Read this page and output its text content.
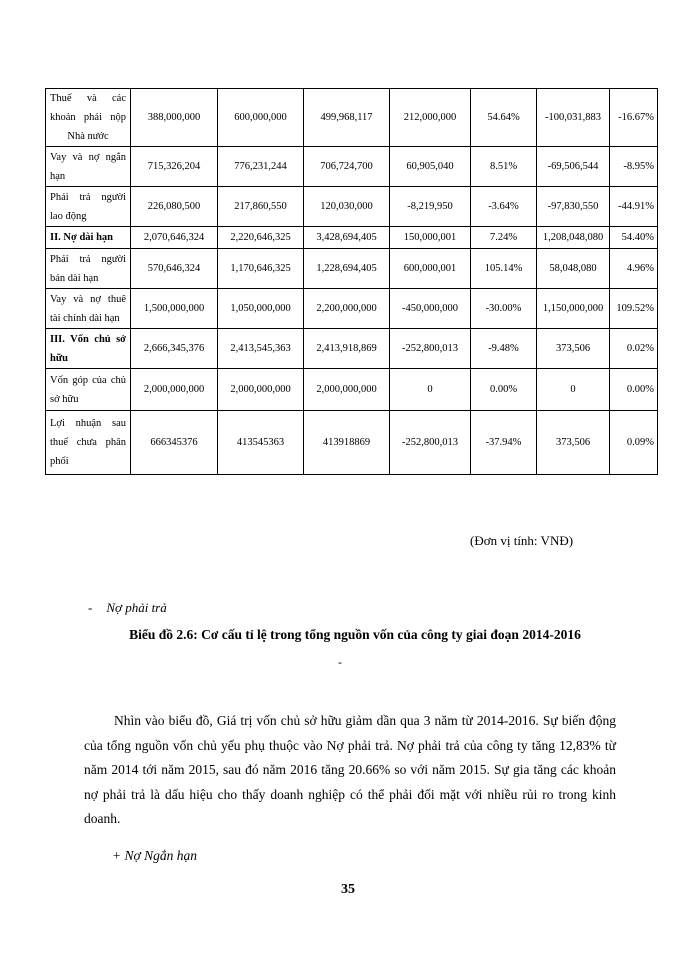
Thuế và các
khoản phải nộp
Nhà nước	388,000,000	600,000,000	499,968,117	212,000,000	54.64%	-100,031,883	-16.67%

Vay và nợ ngắn
hạn	715,326,204	776,231,244	706,724,700	60,905,040	8.51%	-69,506,544	-8.95%

Phải trả người
lao động	226,080,500	217,860,550	120,030,000	-8,219,950	-3.64%	-97,830,550	-44.91%

II. Nợ dài hạn	2,070,646,324	2,220,646,325	3,428,694,405	150,000,001	7.24%	1,208,048,080	54.40%

Phải trả người
bán dài hạn	570,646,324	1,170,646,325	1,228,694,405	600,000,001	105.14%	58,048,080	4.96%

Vay và nợ thuê
tài chính dài hạn	1,500,000,000	1,050,000,000	2,200,000,000	-450,000,000	-30.00%	1,150,000,000	109.52%

III. Vốn chủ sở
hữu	2,666,345,376	2,413,545,363	2,413,918,869	-252,800,013	-9.48%	373,506	0.02%

Vốn góp của chủ
sở hữu	2,000,000,000	2,000,000,000	2,000,000,000	0	0.00%	0	0.00%

Lợi nhuận sau
thuế chưa phân
phối	666345376	413545363	413918869	-252,800,013	-37.94%	373,506	0.09%
(Đơn vị tính: VNĐ)
- Nợ phải trả
Biểu đồ 2.6: Cơ cấu tỉ lệ trong tổng nguồn vốn của công ty giai đoạn 2014-2016
-
Nhìn vào biểu đồ, Giá trị vốn chủ sở hữu giảm dần qua 3 năm từ 2014-2016. Sự biến động của tổng nguồn vốn chủ yếu phụ thuộc vào Nợ phải trả. Nợ phải trả của công ty tăng 12,83% từ năm 2014 tới năm 2015, sau đó năm 2016 tăng 20.66% so với năm 2015. Sự gia tăng các khoản nợ phải trả là dấu hiệu cho thấy doanh nghiệp có thể phải đối mặt với nhiều rủi ro trong kinh doanh.
+ Nợ Ngắn hạn
35
